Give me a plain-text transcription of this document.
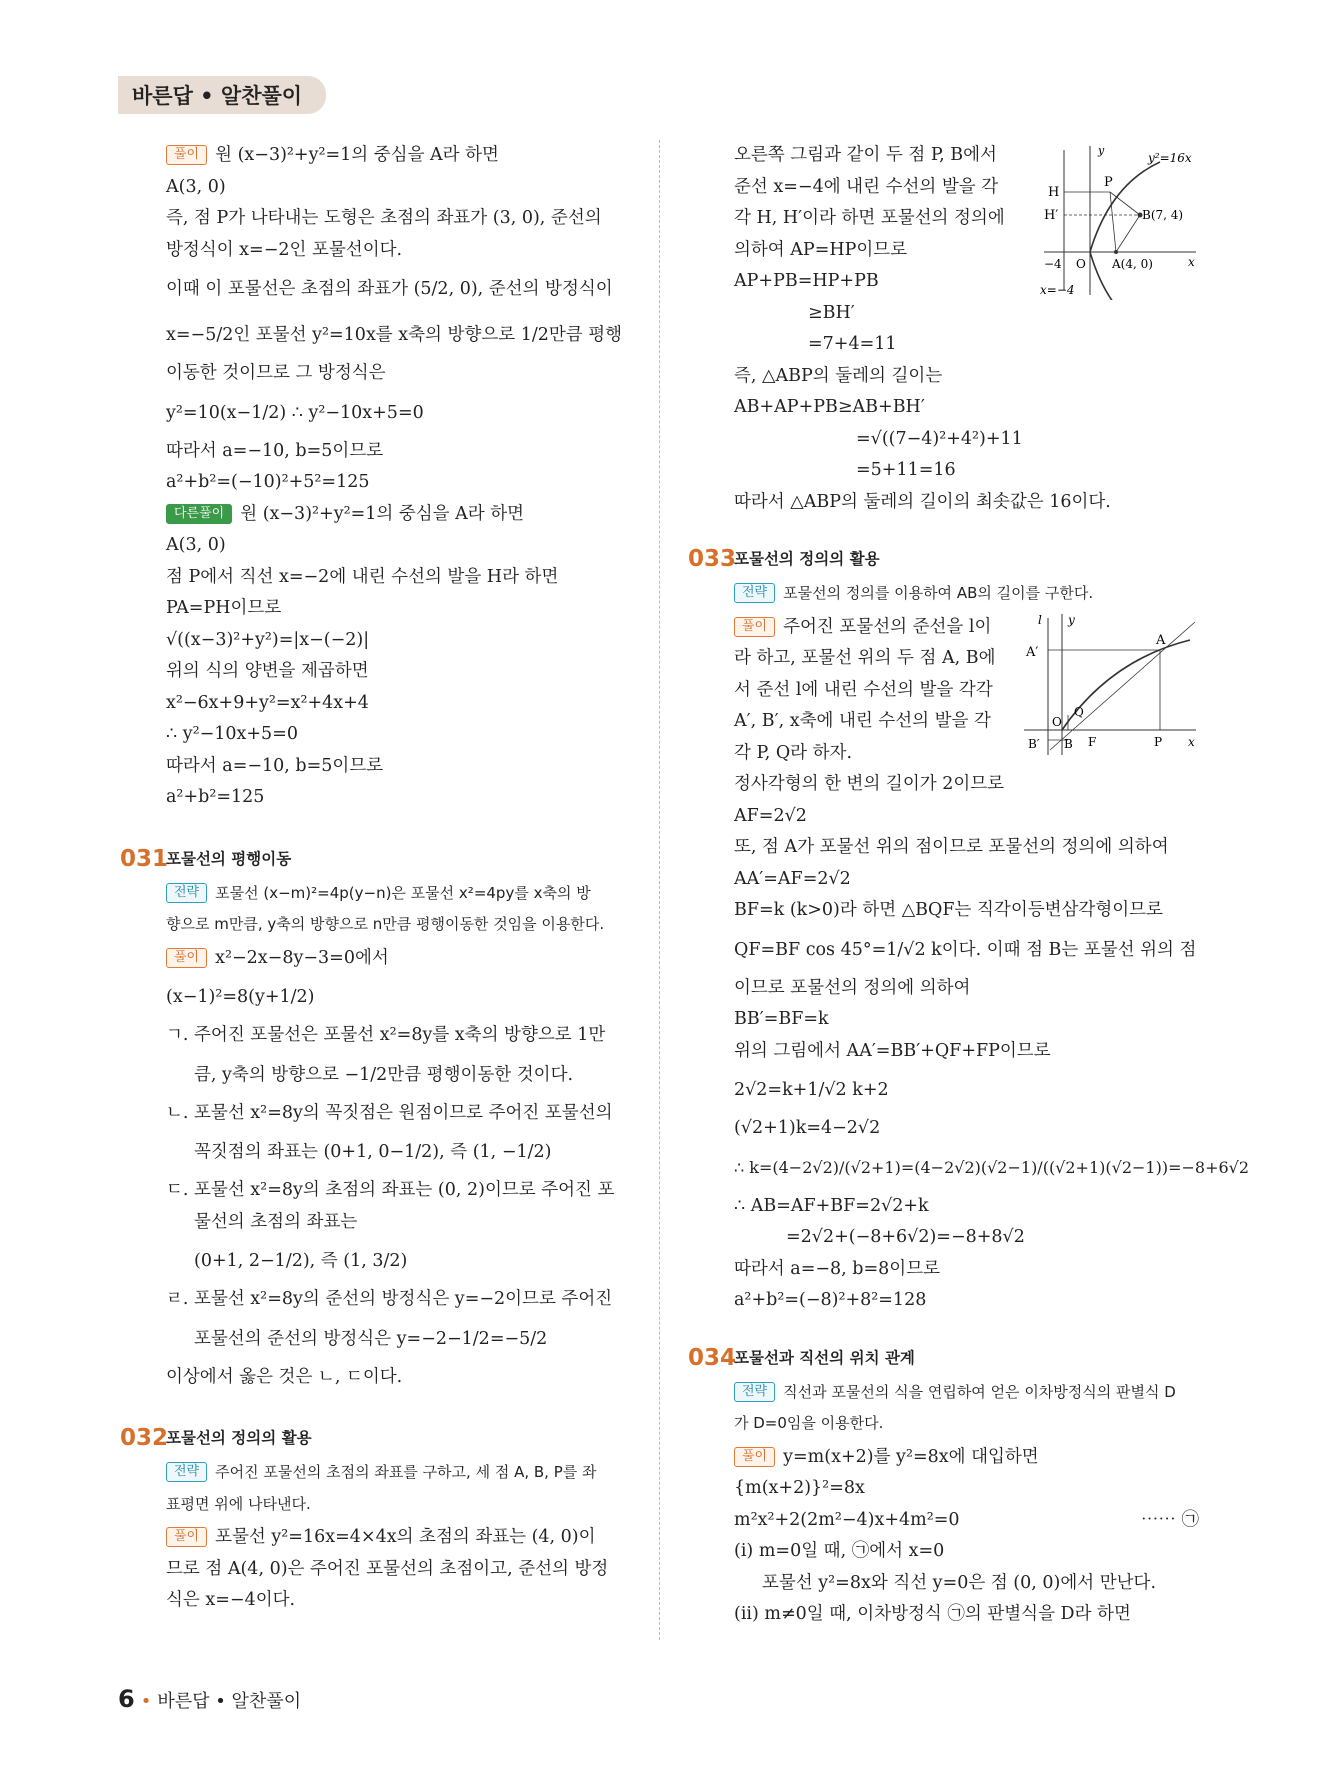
바른답 • 알찬풀이
풀이 원 (x−3)²+y²=1의 중심을 A라 하면
A(3, 0)
즉, 점 P가 나타내는 도형은 초점의 좌표가 (3, 0), 준선의
방정식이 x=−2인 포물선이다.
이때 이 포물선은 초점의 좌표가 (5/2, 0), 준선의 방정식이
x=−5/2인 포물선 y²=10x를 x축의 방향으로 1/2만큼 평행
이동한 것이므로 그 방정식은
y²=10(x−1/2) ∴ y²−10x+5=0
따라서 a=−10, b=5이므로
a²+b²=(−10)²+5²=125
다른풀이 원 (x−3)²+y²=1의 중심을 A라 하면
A(3, 0)
점 P에서 직선 x=−2에 내린 수선의 발을 H라 하면
PA=PH이므로
√((x−3)²+y²)=|x−(−2)|
위의 식의 양변을 제곱하면
x²−6x+9+y²=x²+4x+4
∴ y²−10x+5=0
따라서 a=−10, b=5이므로
a²+b²=125
031
포물선의 평행이동
전략 포물선 (x−m)²=4p(y−n)은 포물선 x²=4py를 x축의 방
향으로 m만큼, y축의 방향으로 n만큼 평행이동한 것임을 이용한다.
풀이 x²−2x−8y−3=0에서
(x−1)²=8(y+1/2)
ㄱ. 주어진 포물선은 포물선 x²=8y를 x축의 방향으로 1만
큼, y축의 방향으로 −1/2만큼 평행이동한 것이다.
ㄴ. 포물선 x²=8y의 꼭짓점은 원점이므로 주어진 포물선의
꼭짓점의 좌표는 (0+1, 0−1/2), 즉 (1, −1/2)
ㄷ. 포물선 x²=8y의 초점의 좌표는 (0, 2)이므로 주어진 포
물선의 초점의 좌표는
(0+1, 2−1/2), 즉 (1, 3/2)
ㄹ. 포물선 x²=8y의 준선의 방정식은 y=−2이므로 주어진
포물선의 준선의 방정식은 y=−2−1/2=−5/2
이상에서 옳은 것은 ㄴ, ㄷ이다.
032
포물선의 정의의 활용
전략 주어진 포물선의 초점의 좌표를 구하고, 세 점 A, B, P를 좌
표평면 위에 나타낸다.
풀이 포물선 y²=16x=4×4x의 초점의 좌표는 (4, 0)이
므로 점 A(4, 0)은 주어진 포물선의 초점이고, 준선의 방정
식은 x=−4이다.
오른쪽 그림과 같이 두 점 P, B에서
준선 x=−4에 내린 수선의 발을 각
각 H, H′이라 하면 포물선의 정의에
의하여 AP=HP이므로
AP+PB=HP+PB
≥BH′
=7+4=11
즉, △ABP의 둘레의 길이는
AB+AP+PB≥AB+BH′
=√((7−4)²+4²)+11
=5+11=16
따라서 △ABP의 둘레의 길이의 최솟값은 16이다.
033
포물선의 정의의 활용
전략 포물선의 정의를 이용하여 AB의 길이를 구한다.
풀이 주어진 포물선의 준선을 l이
라 하고, 포물선 위의 두 점 A, B에
서 준선 l에 내린 수선의 발을 각각
A′, B′, x축에 내린 수선의 발을 각
각 P, Q라 하자.
정사각형의 한 변의 길이가 2이므로
AF=2√2
또, 점 A가 포물선 위의 점이므로 포물선의 정의에 의하여
AA′=AF=2√2
BF=k (k>0)라 하면 △BQF는 직각이등변삼각형이므로
QF=BF cos 45°=1/√2 k이다. 이때 점 B는 포물선 위의 점
이므로 포물선의 정의에 의하여
BB′=BF=k
위의 그림에서 AA′=BB′+QF+FP이므로
2√2=k+1/√2 k+2
(√2+1)k=4−2√2
∴ k=(4−2√2)/(√2+1)=(4−2√2)(√2−1)/((√2+1)(√2−1))=−8+6√2
∴ AB=AF+BF=2√2+k
=2√2+(−8+6√2)=−8+8√2
따라서 a=−8, b=8이므로
a²+b²=(−8)²+8²=128
034
포물선과 직선의 위치 관계
전략 직선과 포물선의 식을 연립하여 얻은 이차방정식의 판별식 D
가 D=0임을 이용한다.
풀이 y=m(x+2)를 y²=8x에 대입하면
{m(x+2)}²=8x
m²x²+2(2m²−4)x+4m²=0	⋯⋯ ㉠
(i) m=0일 때, ㉠에서 x=0
포물선 y²=8x와 직선 y=0은 점 (0, 0)에서 만난다.
(ii) m≠0일 때, 이차방정식 ㉠의 판별식을 D라 하면
y
y²=16x
H
H′
P
B(7, 4)
−4 O A(4, 0)	x
x=−4
l y
A′
A
Q
O
B′ B F	P x
6 • 바른답 • 알찬풀이
